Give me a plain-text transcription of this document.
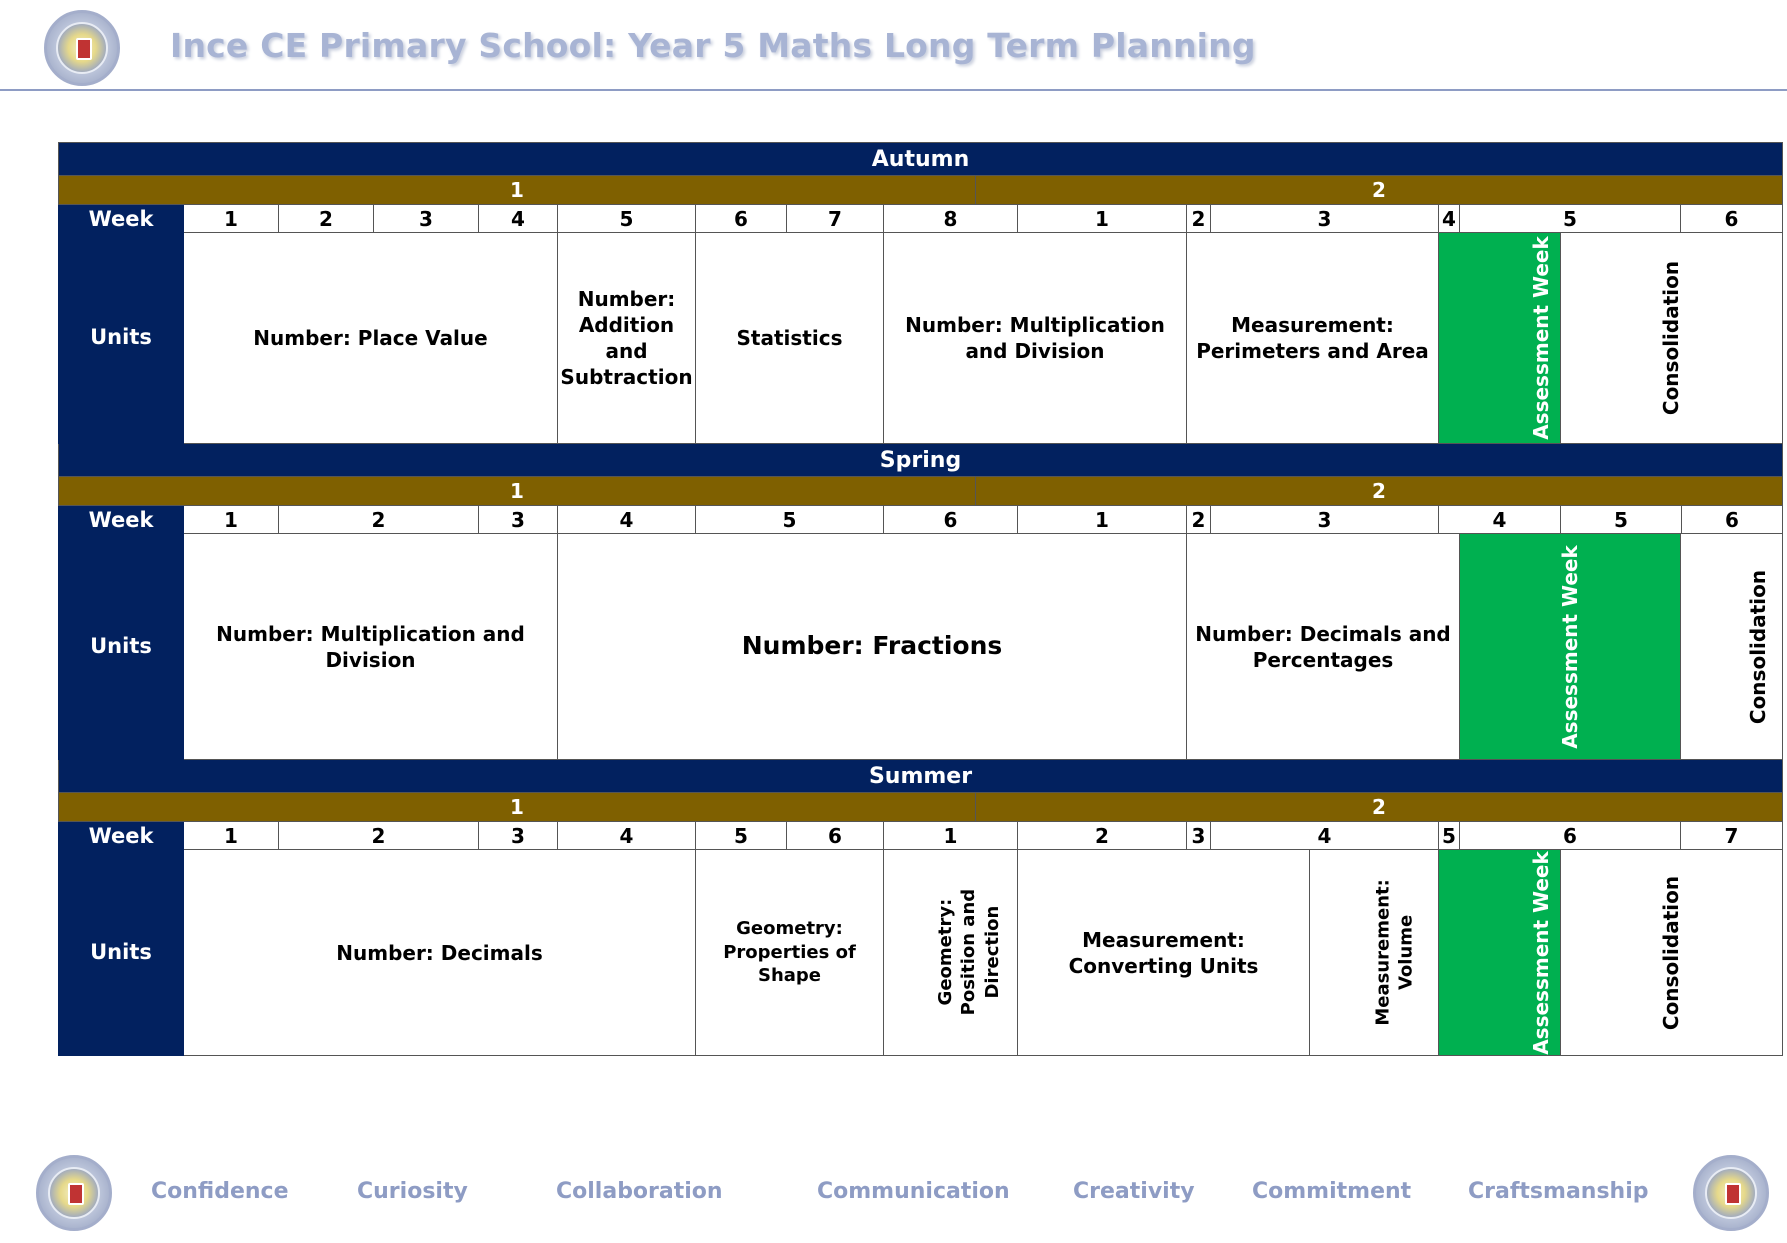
Ince CE Primary School: Year 5 Maths Long Term Planning
Autumn																		
1									2									
Week	1	2	3	4	5	6	7	8		1	2	3		4	5		6	
Units	Number: Place Value				Number: Addition and Subtraction	Statistics		Number: Multiplication and Division			Measurement: Perimeters and Area			Assessment Week		Consolidation		
Spring																		
1									2									
Week	1	2		3	4	5		6		1	2	3		4		5	6	
Units	Number: Multiplication and Division				Number: Fractions						Number: Decimals and Percentages				Assessment Week		Consolidation	
Summer																		
1									2									
Week	1	2		3	4	5	6	1		2	3	4		5	6		7	
Units	Number: Decimals					Geometry: Properties of Shape		Geometry: Position and Direction		Measurement: Converting Units			Measurement: Volume	Assessment Week		Consolidation		
Confidence	Curiosity	Collaboration	Communication	Creativity	Commitment	Craftsmanship
